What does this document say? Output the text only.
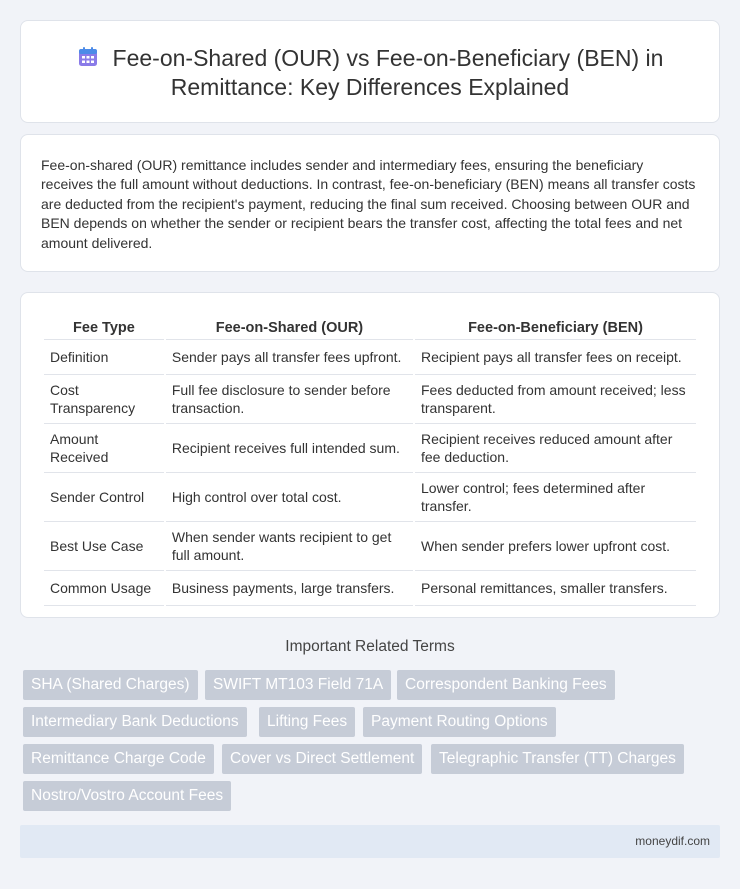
Fee-on-Shared (OUR) vs Fee-on-Beneficiary (BEN) in
Remittance: Key Differences Explained

Fee-on-shared (OUR) remittance includes sender and intermediary fees, ensuring the beneficiary receives the full amount without deductions. In contrast, fee-on-beneficiary (BEN) means all transfer costs are deducted from the recipient's payment, reducing the final sum received. Choosing between OUR and BEN depends on whether the sender or recipient bears the transfer cost, affecting the total fees and net amount delivered.

Fee Type	Fee-on-Shared (OUR)	Fee-on-Beneficiary (BEN)
Definition	Sender pays all transfer fees upfront.	Recipient pays all transfer fees on receipt.
Cost Transparency	Full fee disclosure to sender before transaction.	Fees deducted from amount received; less transparent.
Amount Received	Recipient receives full intended sum.	Recipient receives reduced amount after fee deduction.
Sender Control	High control over total cost.	Lower control; fees determined after transfer.
Best Use Case	When sender wants recipient to get full amount.	When sender prefers lower upfront cost.
Common Usage	Business payments, large transfers.	Personal remittances, smaller transfers.
Important Related Terms
SHA (Shared Charges)	SWIFT MT103 Field 71A	Correspondent Banking Fees
Intermediary Bank Deductions	Lifting Fees	Payment Routing Options
Remittance Charge Code	Cover vs Direct Settlement	Telegraphic Transfer (TT) Charges
Nostro/Vostro Account Fees
moneydif.com
